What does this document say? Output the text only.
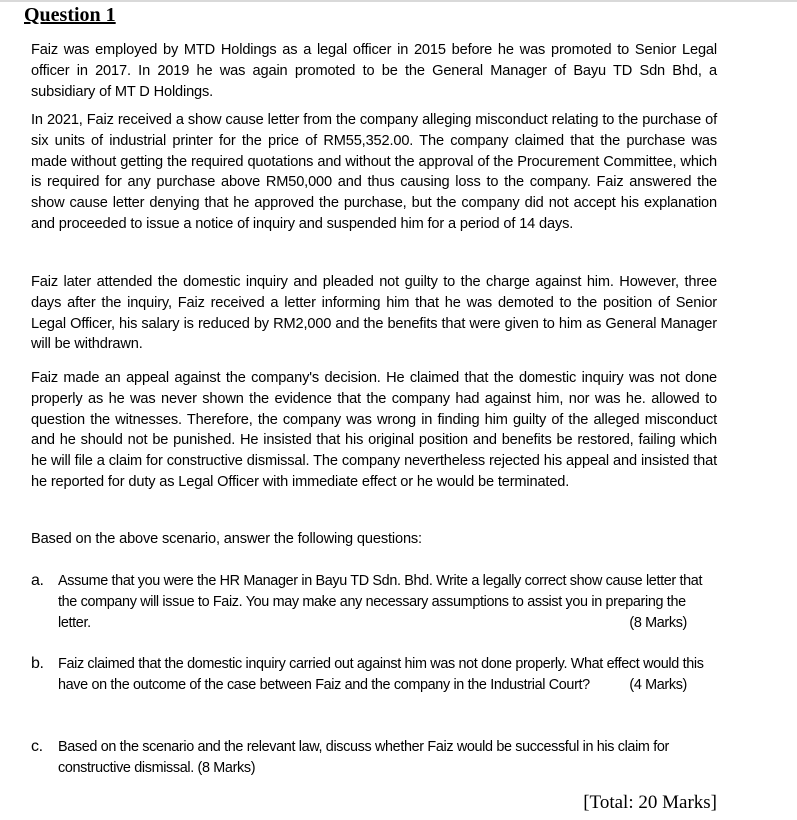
Question 1

Faiz was employed by MTD Holdings as a legal officer in 2015 before he was promoted to Senior Legal officer in 2017. In 2019 he was again promoted to be the General Manager of Bayu TD Sdn Bhd, a subsidiary of MT D Holdings.

In 2021, Faiz received a show cause letter from the company alleging misconduct relating to the purchase of six units of industrial printer for the price of RM55,352.00. The company claimed that the purchase was made without getting the required quotations and without the approval of the Procurement Committee, which is required for any purchase above RM50,000 and thus causing loss to the company. Faiz answered the show cause letter denying that he approved the purchase, but the company did not accept his explanation and proceeded to issue a notice of inquiry and suspended him for a period of 14 days.

Faiz later attended the domestic inquiry and pleaded not guilty to the charge against him. However, three days after the inquiry, Faiz received a letter informing him that he was demoted to the position of Senior Legal Officer, his salary is reduced by RM2,000 and the benefits that were given to him as General Manager will be withdrawn.

Faiz made an appeal against the company's decision. He claimed that the domestic inquiry was not done properly as he was never shown the evidence that the company had against him, nor was he. allowed to question the witnesses. Therefore, the company was wrong in finding him guilty of the alleged misconduct and he should not be punished. He insisted that his original position and benefits be restored, failing which he will file a claim for constructive dismissal. The company nevertheless rejected his appeal and insisted that he reported for duty as Legal Officer with immediate effect or he would be terminated.

Based on the above scenario, answer the following questions:

a. Assume that you were the HR Manager in Bayu TD Sdn. Bhd. Write a legally correct show cause letter that the company will issue to Faiz. You may make any necessary assumptions to assist you in preparing the letter.	(8 Marks)
b. Faiz claimed that the domestic inquiry carried out against him was not done properly. What effect would this have on the outcome of the case between Faiz and the company in the Industrial Court?	(4 Marks)
c. Based on the scenario and the relevant law, discuss whether Faiz would be successful in his claim for constructive dismissal. (8 Marks)
[Total: 20 Marks]
